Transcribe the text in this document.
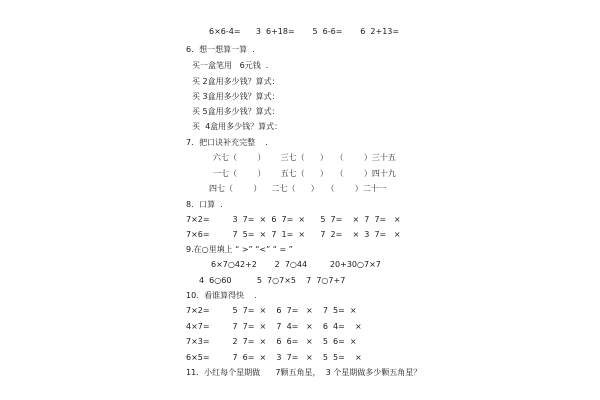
6×6-4=      3  6+18=       5  6-6=       6  2+13=
6．想一想算一算  .
买一盒笔用   6元钱  .
买 2盒用多少钱？算式：
买 3盒用多少钱？算式：
买 5盒用多少钱？算式：
买  4盒用多少钱？算式：
7．把口诀补充完整    .
六七（        ）      三七（      ）   （        ）三十五
一七（        ）      五七（      ）   （        ）四十九
四七（        ）    二七（      ）   （        ）二十一
8．口算  .
7×2=         3  7=  ×  6  7=  ×      5  7=    ×  7  7=   ×
7×6=         7  5=  ×  7  1=  ×      7  2=    ×  3  7=   ×
9.在○里填上 “ >” “<” “ = ”
6×7○42+2       2  7○44         20+30○7×7
4  6○60          5  7○7×5    7  7○7+7
10．看谁算得快    .
7×2=         5  7=  ×    6  7=   ×    7  5=  ×
4×7=         7  7=  ×    7  4=   ×    6  4=    ×
7×3=         2  7=  ×    6  6=   ×    5  6=  ×
6×5=         7  6=  ×    3  7=   ×    5  5=    ×
11．小红每个星期做      7颗五角星，  3 个星期做多少颗五角星？
